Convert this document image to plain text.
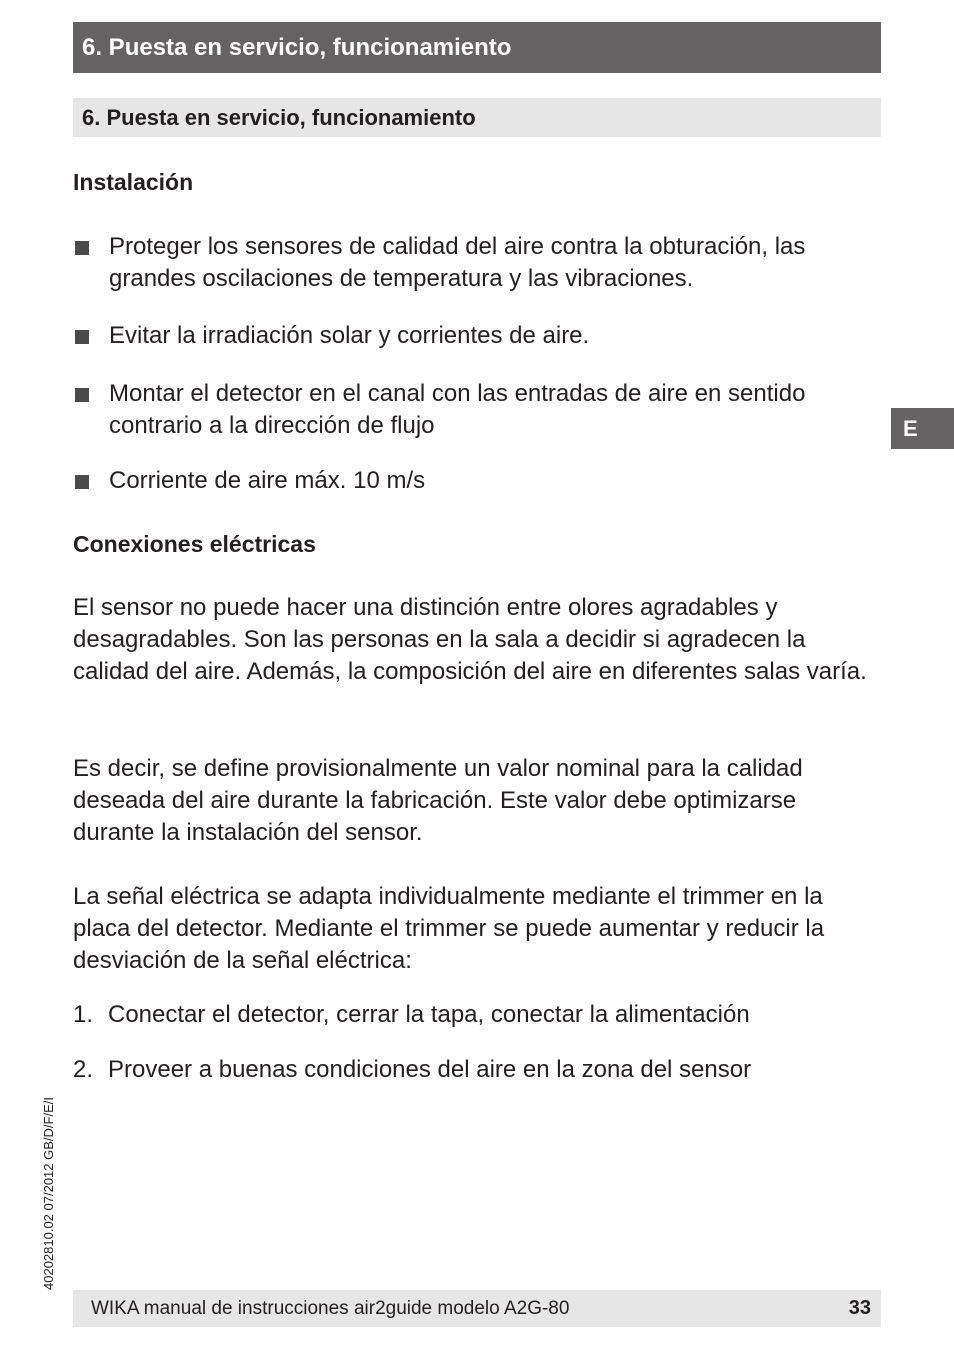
6. Puesta en servicio, funcionamiento
6. Puesta en servicio, funcionamiento
Instalación
Proteger los sensores de calidad del aire contra la obturación, las grandes oscilaciones de temperatura y las vibraciones.
Evitar la irradiación solar y corrientes de aire.
Montar el detector en el canal con las entradas de aire en sentido contrario a la dirección de flujo
Corriente de aire máx. 10 m/s
Conexiones eléctricas
El sensor no puede hacer una distinción entre olores agradables y desagradables. Son las personas en la sala a decidir si agradecen la calidad del aire. Además, la composición del aire en diferentes salas varía.
Es decir, se define provisionalmente un valor nominal para la calidad deseada del aire durante la fabricación. Este valor debe optimizarse durante la instalación del sensor.
La señal eléctrica se adapta individualmente mediante el trimmer en la placa del detector. Mediante el trimmer se puede aumentar y reducir la desviación de la señal eléctrica:
1. Conectar el detector, cerrar la tapa, conectar la alimentación
2. Proveer a buenas condiciones del aire en la zona del sensor
E
40202810.02 07/2012 GB/D/F/E/I
WIKA manual de instrucciones air2guide modelo A2G-80	33
